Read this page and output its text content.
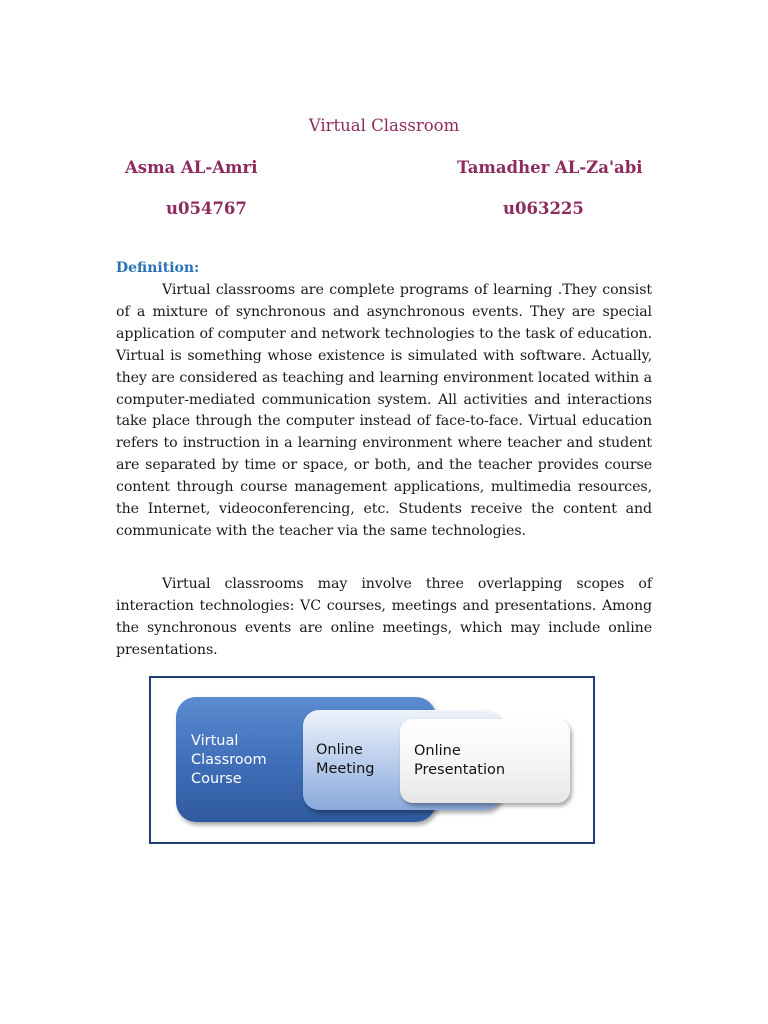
Virtual Classroom
Asma AL-Amri	Tamadher AL-Za'abi
u054767	u063225
Definition:

Virtual classrooms are complete programs of learning .They consist of a mixture of synchronous and asynchronous events. They are special application of computer and network technologies to the task of education. Virtual is something whose existence is simulated with software. Actually, they are considered as teaching and learning environment located within a computer-mediated communication system. All activities and interactions take place through the computer instead of face-to-face. Virtual education refers to instruction in a learning environment where teacher and student are separated by time or space, or both, and the teacher provides course content through course management applications, multimedia resources, the Internet, videoconferencing, etc. Students receive the content and communicate with the teacher via the same technologies.

Virtual classrooms may involve three overlapping scopes of interaction technologies: VC courses, meetings and presentations. Among the synchronous events are online meetings, which may include online presentations.

Virtual
Classroom
Course
Online
Meeting
Online
Presentation
